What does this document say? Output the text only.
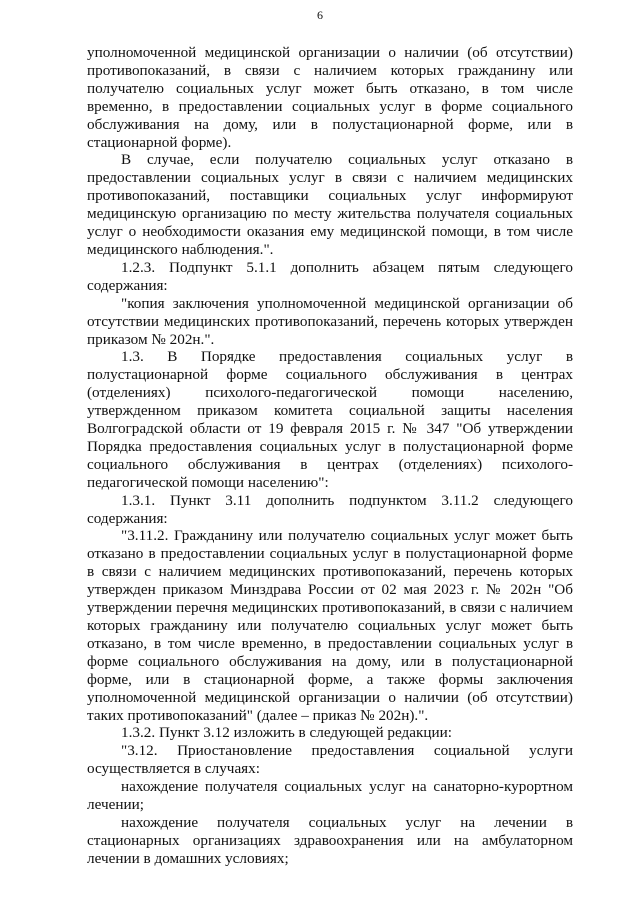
6

уполномоченной медицинской организации о наличии (об отсутствии) противопоказаний, в связи с наличием которых гражданину или получателю социальных услуг может быть отказано, в том числе временно, в предоставлении социальных услуг в форме социального обслуживания на дому, или в полустационарной форме, или в стационарной форме).

В случае, если получателю социальных услуг отказано в предоставлении социальных услуг в связи с наличием медицинских противопоказаний, поставщики социальных услуг информируют медицинскую организацию по месту жительства получателя социальных услуг о необходимости оказания ему медицинской помощи, в том числе медицинского наблюдения.".

1.2.3. Подпункт 5.1.1 дополнить абзацем пятым следующего содержания:

"копия заключения уполномоченной медицинской организации об отсутствии медицинских противопоказаний, перечень которых утвержден приказом № 202н.".

1.3. В Порядке предоставления социальных услуг в полустационарной форме социального обслуживания в центрах (отделениях) психолого-педагогической помощи населению, утвержденном приказом комитета социальной защиты населения Волгоградской области от 19 февраля 2015 г. № 347 "Об утверждении Порядка предоставления социальных услуг в полустационарной форме социального обслуживания в центрах (отделениях) психолого-педагогической помощи населению":

1.3.1. Пункт 3.11 дополнить подпунктом 3.11.2 следующего содержания:

"3.11.2. Гражданину или получателю социальных услуг может быть отказано в предоставлении социальных услуг в полустационарной форме в связи с наличием медицинских противопоказаний, перечень которых утвержден приказом Минздрава России от 02 мая 2023 г. № 202н "Об утверждении перечня медицинских противопоказаний, в связи с наличием которых гражданину или получателю социальных услуг может быть отказано, в том числе временно, в предоставлении социальных услуг в форме социального обслуживания на дому, или в полустационарной форме, или в стационарной форме, а также формы заключения уполномоченной медицинской организации о наличии (об отсутствии) таких противопоказаний" (далее – приказ № 202н).".

1.3.2. Пункт 3.12 изложить в следующей редакции:

"3.12. Приостановление предоставления социальной услуги осуществляется в случаях:

нахождение получателя социальных услуг на санаторно-курортном лечении;

нахождение получателя социальных услуг на лечении в стационарных организациях здравоохранения или на амбулаторном лечении в домашних условиях;
